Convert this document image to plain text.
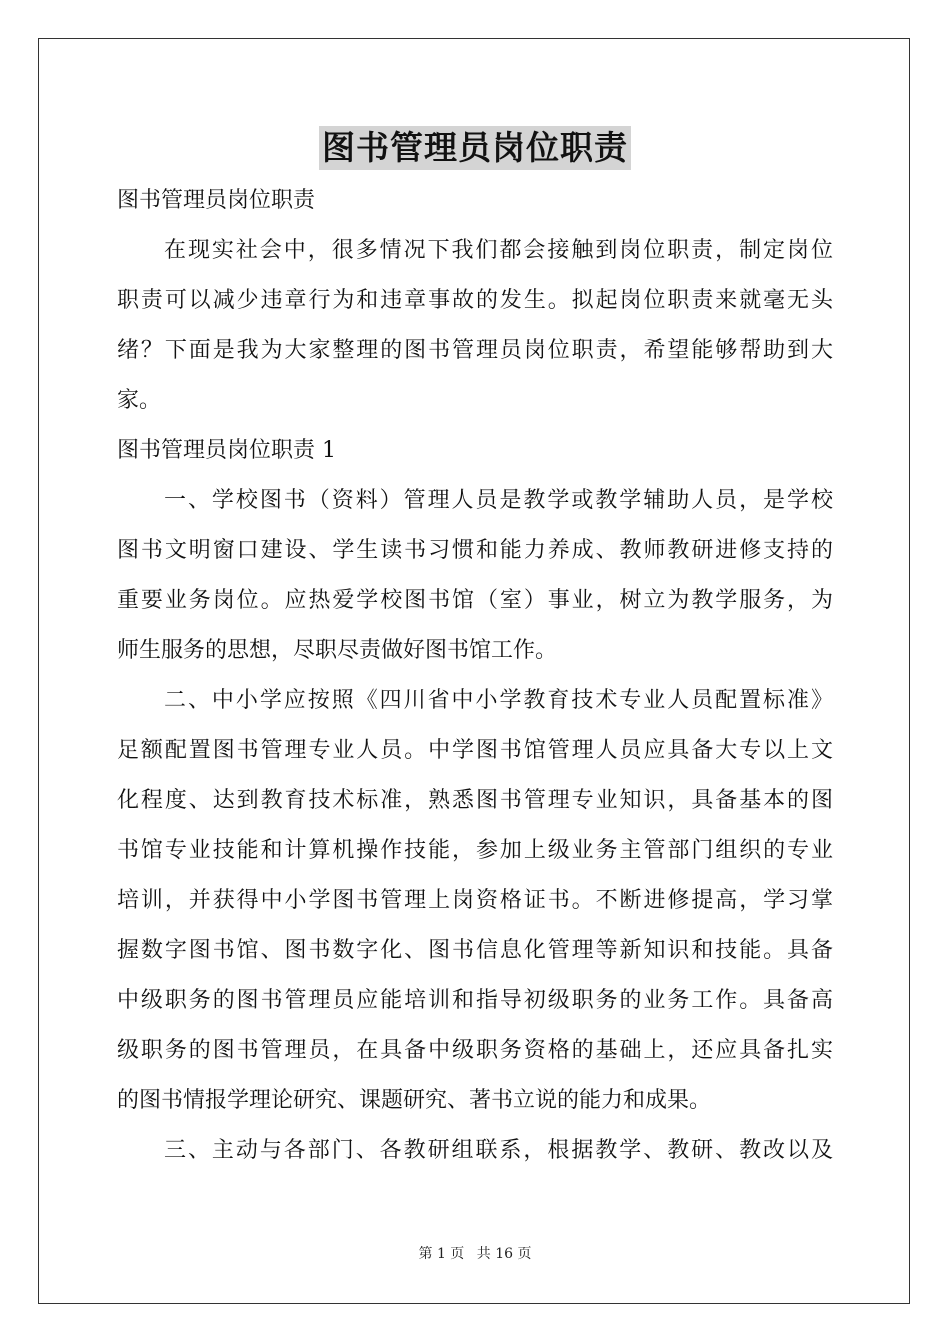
图书管理员岗位职责
图书管理员岗位职责
在现实社会中，很多情况下我们都会接触到岗位职责，制定岗位
职责可以减少违章行为和违章事故的发生。拟起岗位职责来就毫无头
绪？下面是我为大家整理的图书管理员岗位职责，希望能够帮助到大
家。
图书管理员岗位职责 1
一、学校图书（资料）管理人员是教学或教学辅助人员，是学校
图书文明窗口建设、学生读书习惯和能力养成、教师教研进修支持的
重要业务岗位。应热爱学校图书馆（室）事业，树立为教学服务，为
师生服务的思想，尽职尽责做好图书馆工作。
二、中小学应按照《四川省中小学教育技术专业人员配置标准》
足额配置图书管理专业人员。中学图书馆管理人员应具备大专以上文
化程度、达到教育技术标准，熟悉图书管理专业知识，具备基本的图
书馆专业技能和计算机操作技能，参加上级业务主管部门组织的专业
培训，并获得中小学图书管理上岗资格证书。不断进修提高，学习掌
握数字图书馆、图书数字化、图书信息化管理等新知识和技能。具备
中级职务的图书管理员应能培训和指导初级职务的业务工作。具备高
级职务的图书管理员，在具备中级职务资格的基础上，还应具备扎实
的图书情报学理论研究、课题研究、著书立说的能力和成果。
三、主动与各部门、各教研组联系，根据教学、教研、教改以及
第 1 页 共 16 页
